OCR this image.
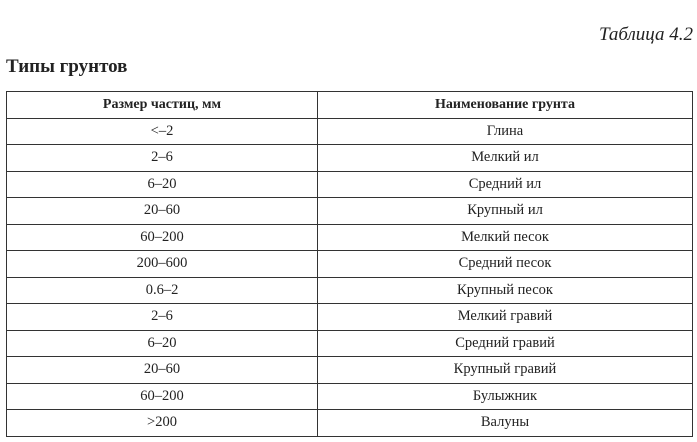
Таблица 4.2
Типы грунтов
Размер частиц, мм	Наименование грунта
<–2	Глина
2–6	Мелкий ил
6–20	Средний ил
20–60	Крупный ил
60–200	Мелкий песок
200–600	Средний песок
0.6–2	Крупный песок
2–6	Мелкий гравий
6–20	Средний гравий
20–60	Крупный гравий
60–200	Булыжник
>200	Валуны
